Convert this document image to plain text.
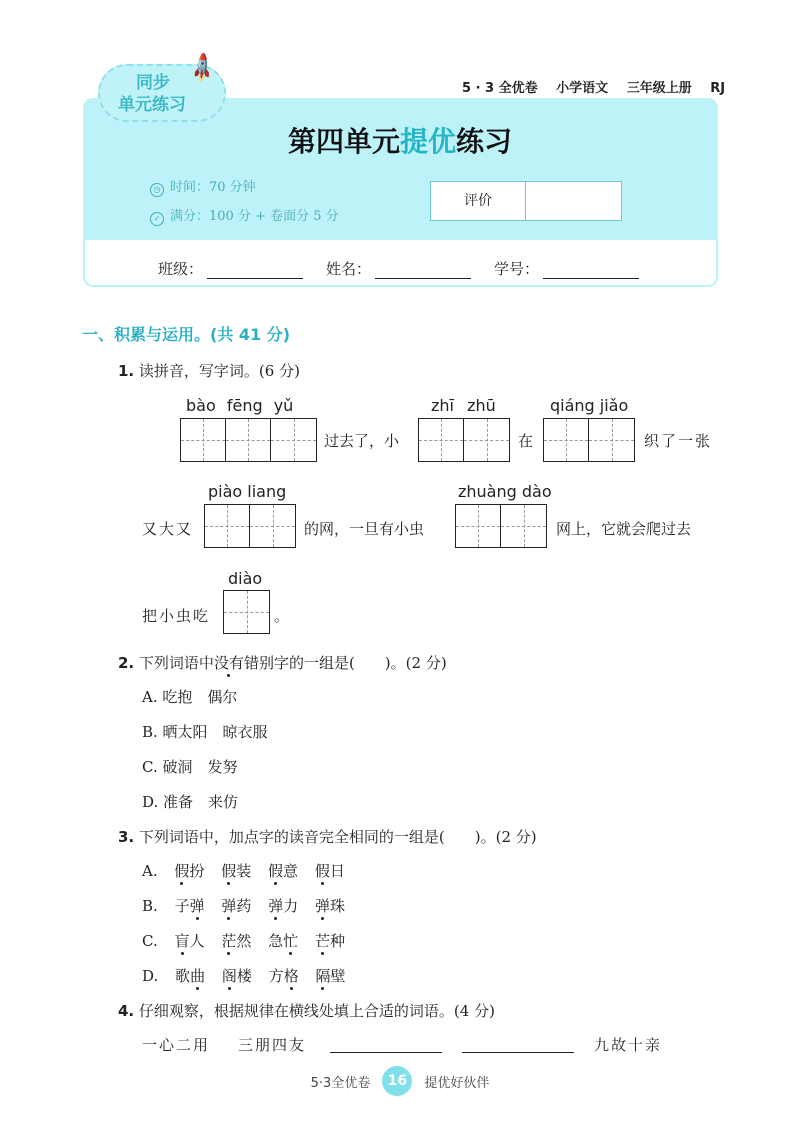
5 · 3 全优卷 小学语文 三年级上册 RJ
同步
单元练习
🚀
第四单元提优练习
◷ 时间：70 分钟
✓ 满分：100 分 + 卷面分 5 分
评价
班级：	姓名：	学号：
一、积累与运用。(共 41 分)
1. 读拼音，写字词。(6 分)
bào fēng yǔ
过去了，小
zhī zhū
在
qiáng jiǎo
织了一张
piào liang
又大又	的网，一旦有小虫
zhuàng dào
网上，它就会爬过去
diào
把小虫吃	。
2. 下列词语中没有错别字的一组是(　　)。(2 分)
A. 吃抱　偶尔
B. 晒太阳　晾衣服
C. 破洞　发努
D. 准备　来仿
3. 下列词语中，加点字的读音完全相同的一组是(　　)。(2 分)
A. 假扮 假装 假意 假日
B. 子弹 弹药 弹力 弹珠
C. 盲人 茫然 急忙 芒种
D. 歌曲 阁楼 方格 隔壁
4. 仔细观察，根据规律在横线处填上合适的词语。(4 分)
一心二用 三朋四友	九故十亲
5·3全优卷	16	提优好伙伴
